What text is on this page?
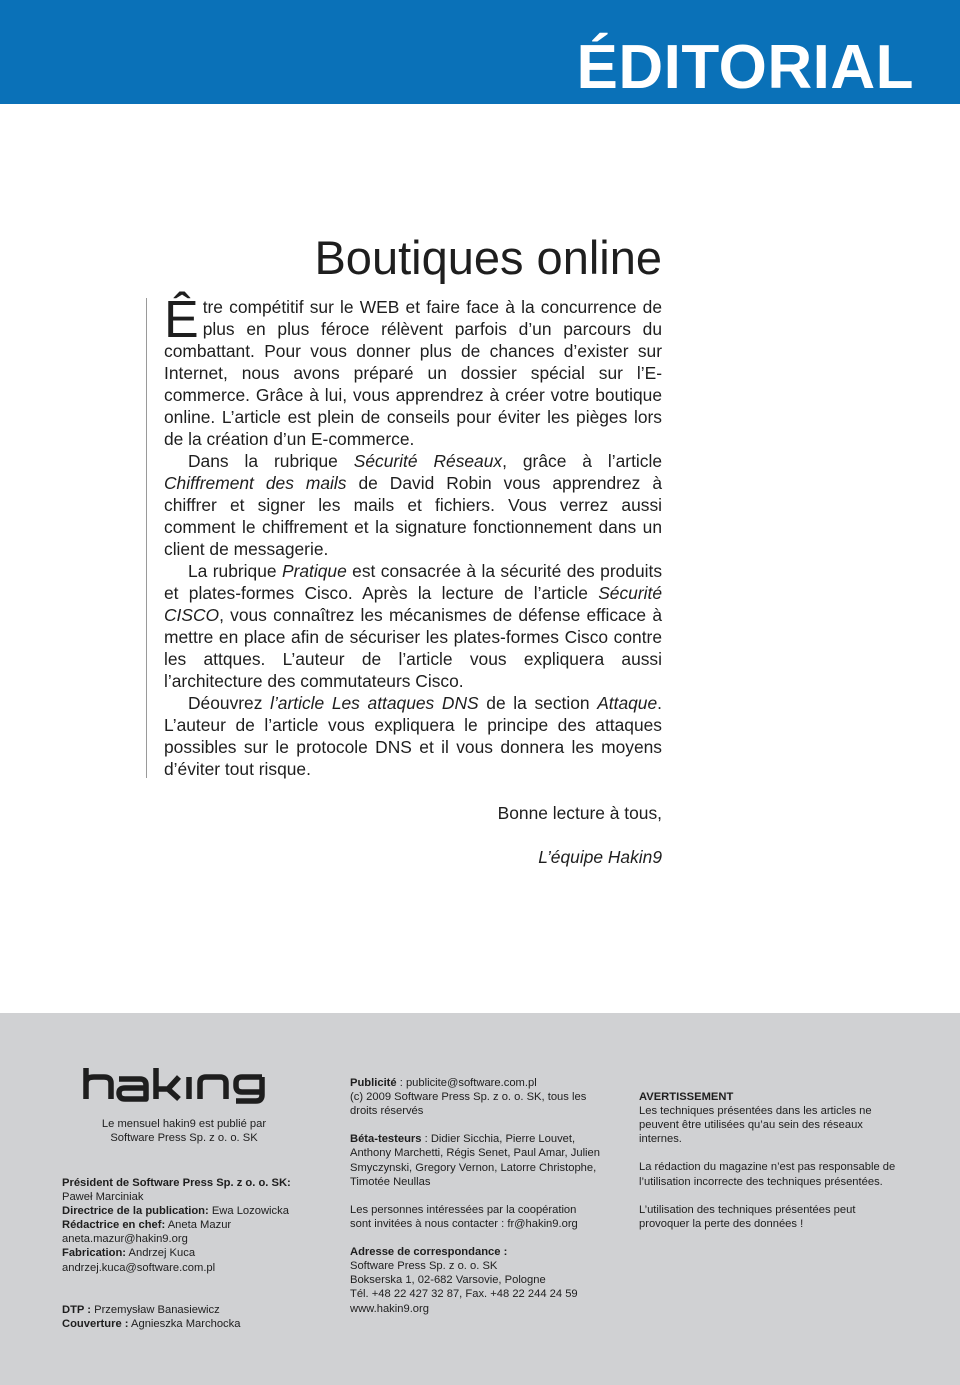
ÉDITORIAL
Boutiques online

Être compétitif sur le WEB et faire face à la concurrence de plus en plus féroce rélèvent parfois d’un parcours du combattant. Pour vous donner plus de chances d’exister sur Internet, nous avons préparé un dossier spécial sur l’E-commerce. Grâce à lui, vous apprendrez à créer votre boutique online. L’article est plein de conseils pour éviter les pièges lors de la création d’un E-commerce.

Dans la rubrique Sécurité Réseaux, grâce à l’article Chiffrement des mails de David Robin vous apprendrez à chiffrer et signer les mails et fichiers. Vous verrez aussi comment le chiffrement et la signature fonctionnement dans un client de messagerie.

La rubrique Pratique est consacrée à la sécurité des produits et plates-formes Cisco. Après la lecture de l’article Sécurité CISCO, vous connaîtrez les mécanismes de défense efficace à mettre en place afin de sécuriser les plates-formes Cisco contre les attques. L’auteur de l’article vous expliquera aussi l’architecture des commutateurs Cisco.

Déouvrez l’article Les attaques DNS de la section Attaque. L’auteur de l’article vous expliquera le principe des attaques possibles sur le protocole DNS et il vous donnera les moyens d’éviter tout risque.

Bonne lecture à tous,

L’équipe Hakin9

Le mensuel hakin9 est publié par
Software Press Sp. z o. o. SK
Président de Software Press Sp. z o. o. SK:
Paweł Marciniak
Directrice de la publication: Ewa Lozowicka
Rédactrice en chef: Aneta Mazur
aneta.mazur@hakin9.org
Fabrication: Andrzej Kuca
andrzej.kuca@software.com.pl
DTP : Przemysław Banasiewicz
Couverture : Agnieszka Marchocka
Publicité : publicite@software.com.pl
(c) 2009 Software Press Sp. z o. o. SK, tous les droits réservés
Béta-testeurs : Didier Sicchia, Pierre Louvet, Anthony Marchetti, Régis Senet, Paul Amar, Julien Smyczynski, Gregory Vernon, Latorre Christophe, Timotée Neullas
Les personnes intéressées par la coopération sont invitées à nous contacter : fr@hakin9.org
Adresse de correspondance :
Software Press Sp. z o. o. SK
Bokserska 1, 02-682 Varsovie, Pologne
Tél. +48 22 427 32 87, Fax. +48 22 244 24 59
www.hakin9.org
AVERTISSEMENT
Les techniques présentées dans les articles ne peuvent être utilisées qu’au sein des réseaux internes.
La rédaction du magazine n’est pas responsable de l’utilisation incorrecte des techniques présentées.
L’utilisation des techniques présentées peut provoquer la perte des données !
